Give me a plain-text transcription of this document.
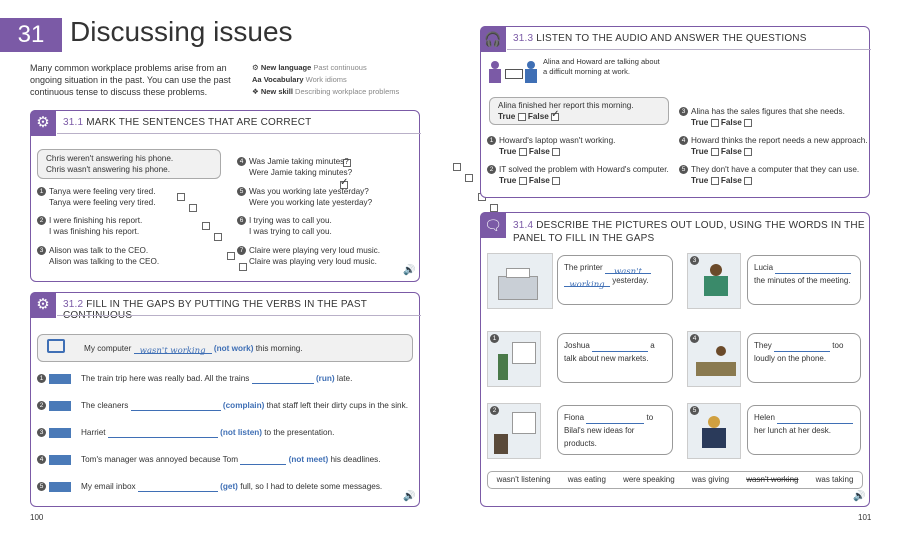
31 Discussing issues
Many common workplace problems arise from an ongoing situation in the past. You can use the past continuous tense to discuss these problems.
⚙ New language Past continuous
Aa Vocabulary Work idioms
❖ New skill Describing workplace problems
⚙	31.1 MARK THE SENTENCES THAT ARE CORRECT
Chris weren't answering his phone.
Chris wasn't answering his phone.✓
1 Tanya were feeling very tired.
Tanya were feeling very tired.

2 I were finishing his report.
I was finishing his report.

3 Alison was talk to the CEO.
Alison was talking to the CEO.

4 Was Jamie taking minutes?
Were Jamie taking minutes?

5 Was you working late yesterday?
Were you working late yesterday?

6 I trying was to call you.
I was trying to call you.

7 Claire were playing very loud music.
Claire was playing very loud music.

🔊
⚙	31.2 FILL IN THE GAPS BY PUTTING THE VERBS IN THE PAST CONTINUOUS
My computer wasn't working (not work) this morning.
1	The train trip here was really bad. All the trains	(run) late.
2	The cleaners	(complain) that staff left their dirty cups in the sink.
3	Harriet	(not listen) to the presentation.
4	Tom's manager was annoyed because Tom	(not meet) his deadlines.
5	My email inbox	(get) full, so I had to delete some messages.
🔊
100
🎧	31.3 LISTEN TO THE AUDIO AND ANSWER THE QUESTIONS
Alina and Howard are talking about a difficult morning at work.
Alina finished her report this morning.
True False ✓
1 Howard's laptop wasn't working.
True False
2 IT solved the problem with Howard's computer.
True False
3 Alina has the sales figures that she needs.
True False
4 Howard thinks the report needs a new approach.
True False
5 They don't have a computer that they can use.
True False
🗨	31.4 DESCRIBE THE PICTURES OUT LOUD, USING THE WORDS IN THE
PANEL TO FILL IN THE GAPS
The printer wasn't
working yesterday.
3
Lucia
the minutes of the meeting.
1
Joshua	a
talk about new markets.
4
They	too
loudly on the phone.
2
Fiona	to
Bilal's new ideas for products.
5
Helen
her lunch at her desk.
wasn't listening was eating were speaking was giving wasn't working was taking
🔊
101
